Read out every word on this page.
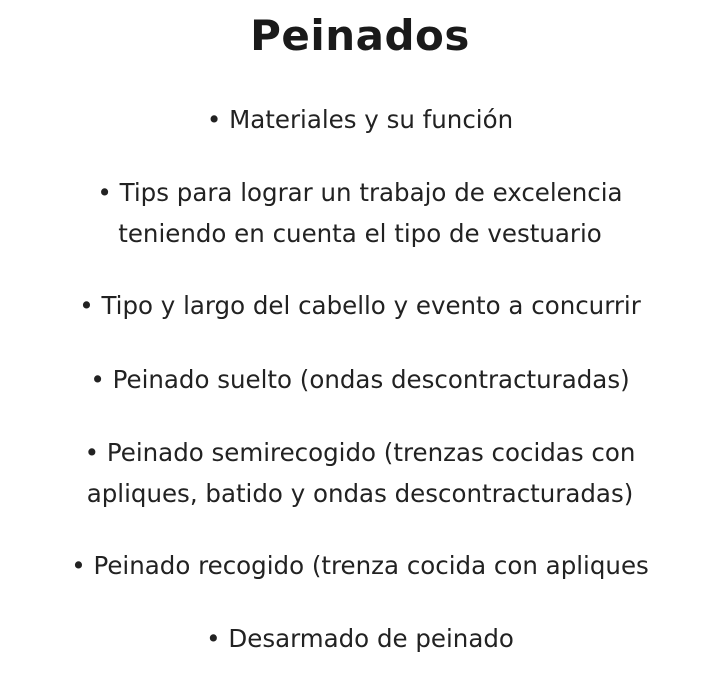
Peinados
• Materiales y su función
• Tips para lograr un trabajo de excelencia
teniendo en cuenta el tipo de vestuario
• Tipo y largo del cabello y evento a concurrir
• Peinado suelto (ondas descontracturadas)
• Peinado semirecogido (trenzas cocidas con
apliques, batido y ondas descontracturadas)
• Peinado recogido (trenza cocida con apliques
• Desarmado de peinado
